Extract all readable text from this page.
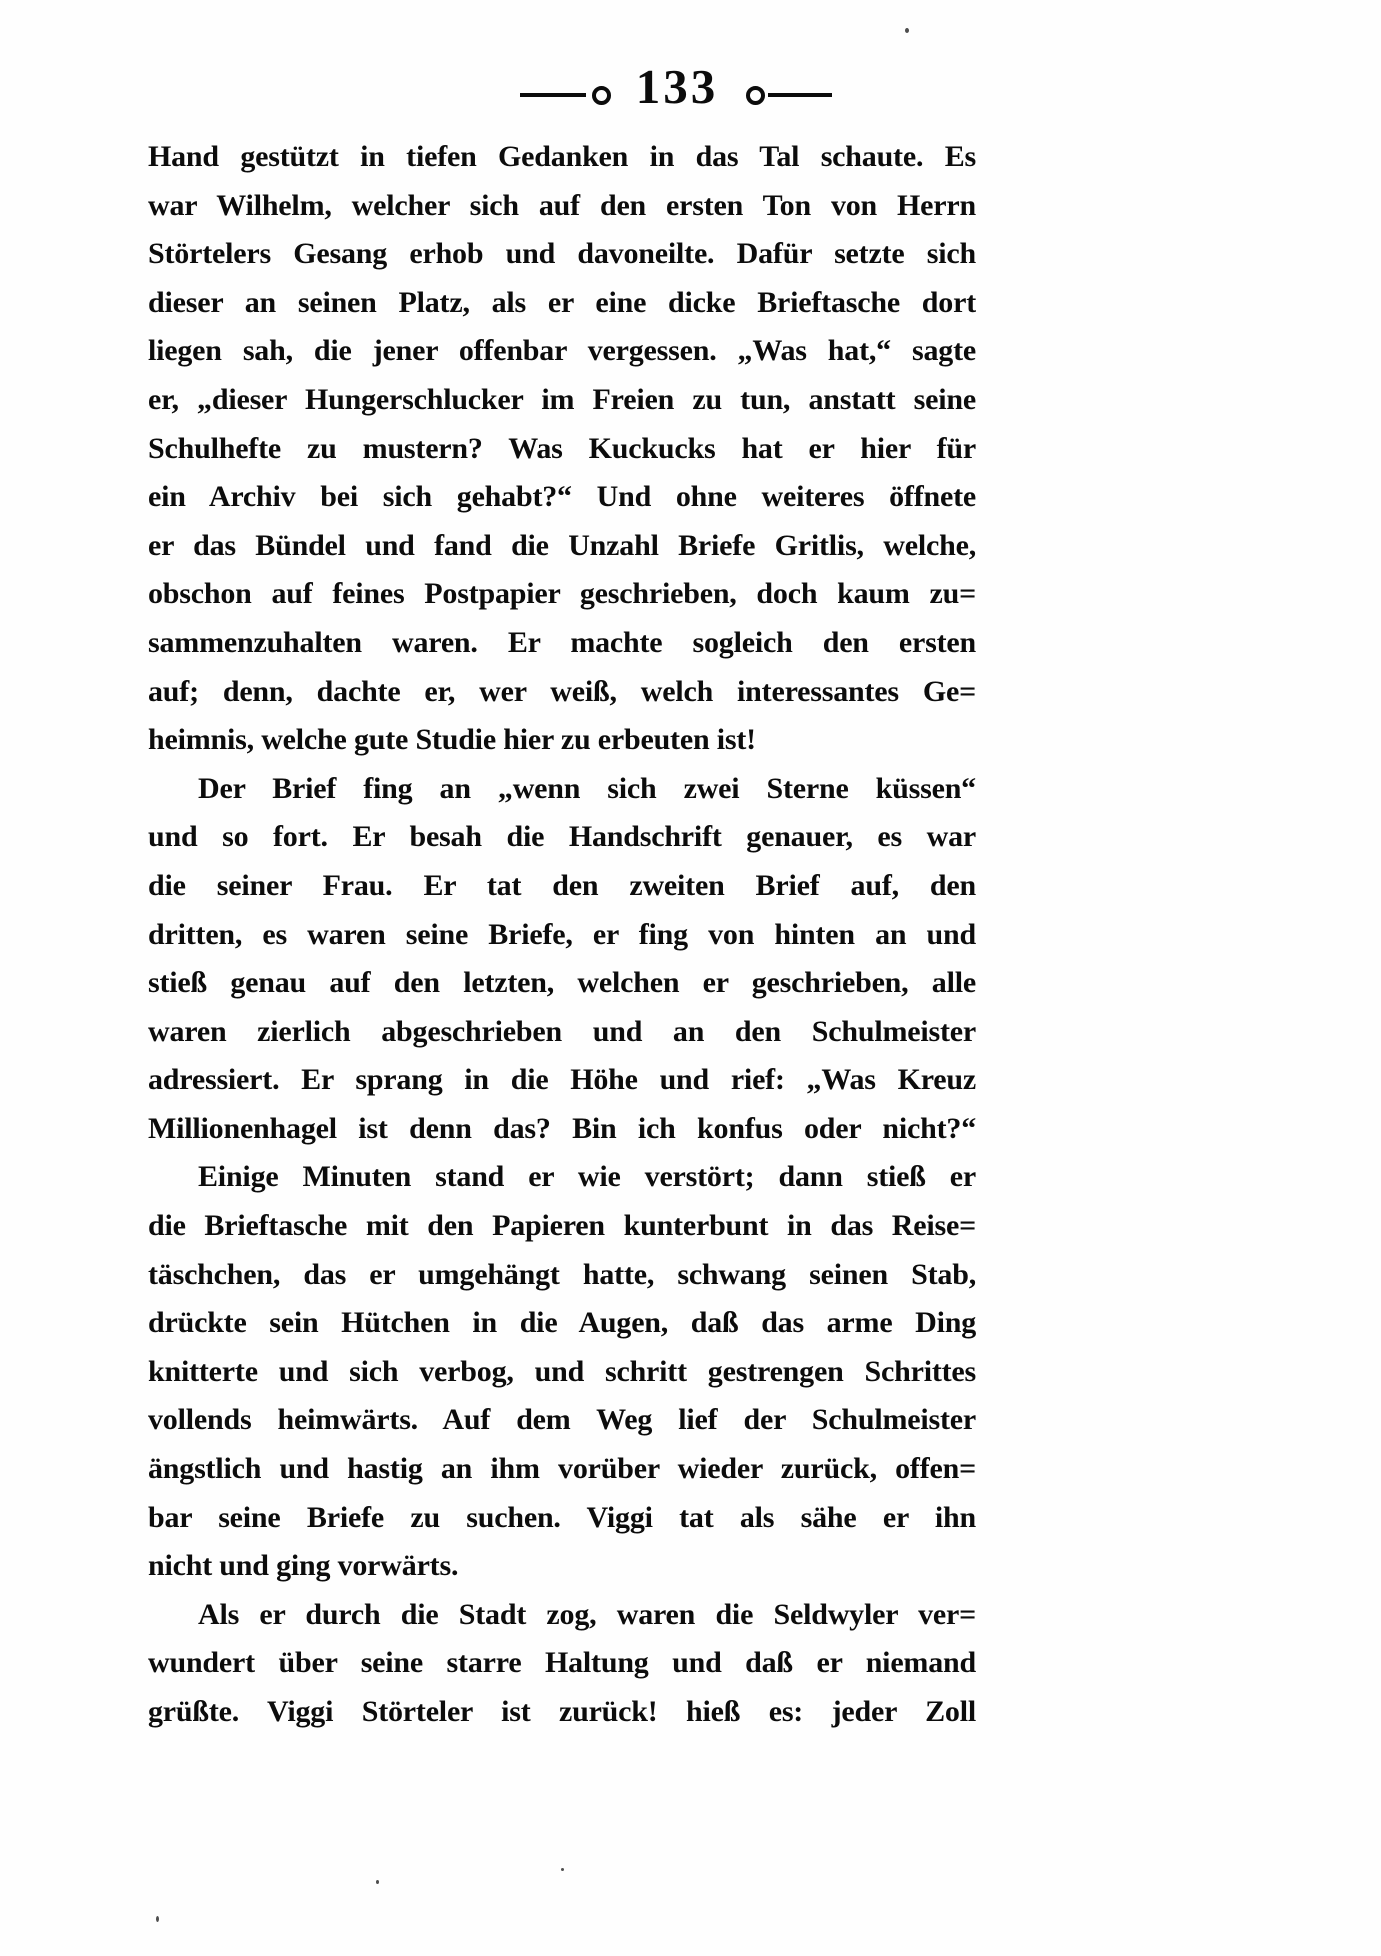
133
Hand gestützt in tiefen Gedanken in das Tal schaute. Es
war Wilhelm, welcher sich auf den ersten Ton von Herrn
Störtelers Gesang erhob und davoneilte. Dafür setzte sich
dieser an seinen Platz, als er eine dicke Brieftasche dort
liegen sah, die jener offenbar vergessen. „Was hat,“ sagte
er, „dieser Hungerschlucker im Freien zu tun, anstatt seine
Schulhefte zu mustern? Was Kuckucks hat er hier für
ein Archiv bei sich gehabt?“ Und ohne weiteres öffnete
er das Bündel und fand die Unzahl Briefe Gritlis, welche,
obschon auf feines Postpapier geschrieben, doch kaum zu=
sammenzuhalten waren. Er machte sogleich den ersten
auf; denn, dachte er, wer weiß, welch interessantes Ge=
heimnis, welche gute Studie hier zu erbeuten ist!
Der Brief fing an „wenn sich zwei Sterne küssen“
und so fort. Er besah die Handschrift genauer, es war
die seiner Frau. Er tat den zweiten Brief auf, den
dritten, es waren seine Briefe, er fing von hinten an und
stieß genau auf den letzten, welchen er geschrieben, alle
waren zierlich abgeschrieben und an den Schulmeister
adressiert. Er sprang in die Höhe und rief: „Was Kreuz
Millionenhagel ist denn das? Bin ich konfus oder nicht?“
Einige Minuten stand er wie verstört; dann stieß er
die Brieftasche mit den Papieren kunterbunt in das Reise=
täschchen, das er umgehängt hatte, schwang seinen Stab,
drückte sein Hütchen in die Augen, daß das arme Ding
knitterte und sich verbog, und schritt gestrengen Schrittes
vollends heimwärts. Auf dem Weg lief der Schulmeister
ängstlich und hastig an ihm vorüber wieder zurück, offen=
bar seine Briefe zu suchen. Viggi tat als sähe er ihn
nicht und ging vorwärts.
Als er durch die Stadt zog, waren die Seldwyler ver=
wundert über seine starre Haltung und daß er niemand
grüßte. Viggi Störteler ist zurück! hieß es: jeder Zoll
